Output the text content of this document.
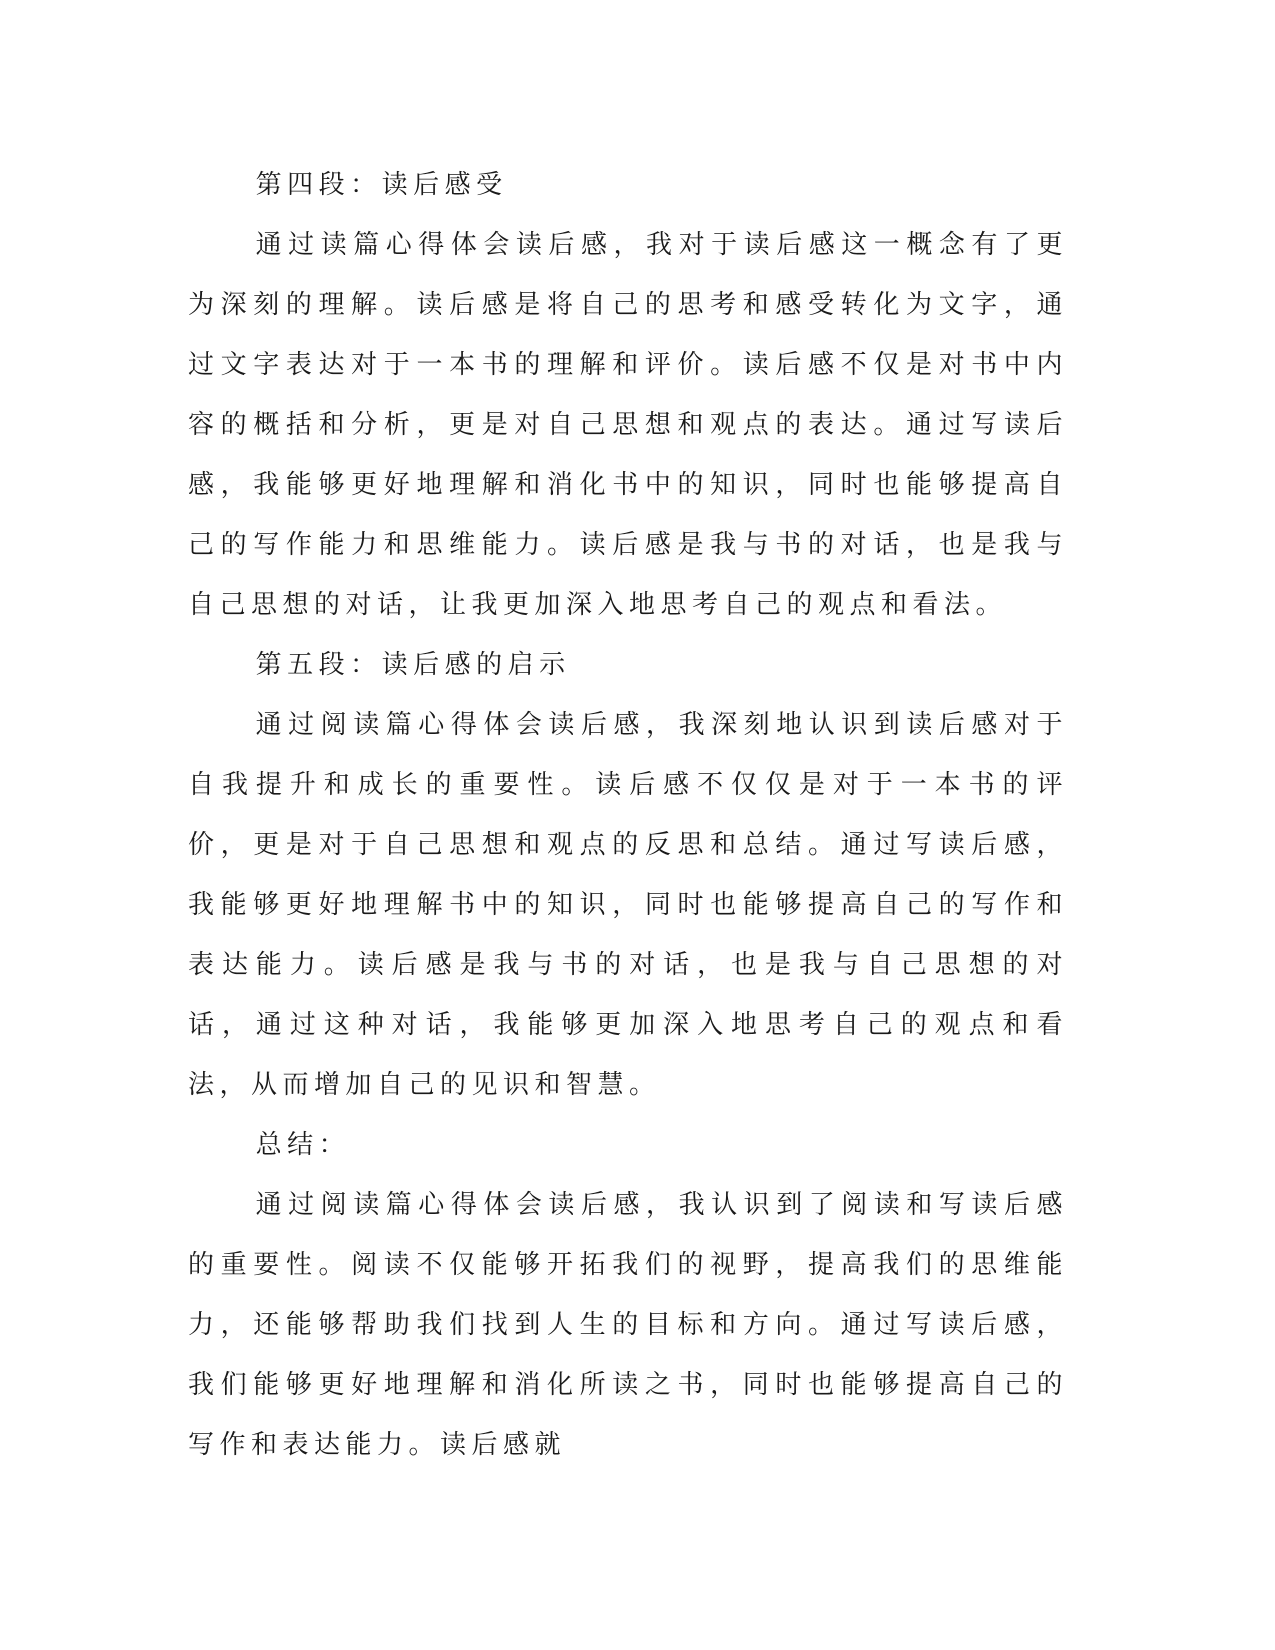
第四段：读后感受

通过读篇心得体会读后感，我对于读后感这一概念有了更为深刻的理解。读后感是将自己的思考和感受转化为文字，通过文字表达对于一本书的理解和评价。读后感不仅是对书中内容的概括和分析，更是对自己思想和观点的表达。通过写读后感，我能够更好地理解和消化书中的知识，同时也能够提高自己的写作能力和思维能力。读后感是我与书的对话，也是我与自己思想的对话，让我更加深入地思考自己的观点和看法。

第五段：读后感的启示

通过阅读篇心得体会读后感，我深刻地认识到读后感对于自我提升和成长的重要性。读后感不仅仅是对于一本书的评价，更是对于自己思想和观点的反思和总结。通过写读后感，我能够更好地理解书中的知识，同时也能够提高自己的写作和表达能力。读后感是我与书的对话，也是我与自己思想的对话，通过这种对话，我能够更加深入地思考自己的观点和看法，从而增加自己的见识和智慧。

总结：

通过阅读篇心得体会读后感，我认识到了阅读和写读后感的重要性。阅读不仅能够开拓我们的视野，提高我们的思维能力，还能够帮助我们找到人生的目标和方向。通过写读后感，我们能够更好地理解和消化所读之书，同时也能够提高自己的写作和表达能力。读后感就
